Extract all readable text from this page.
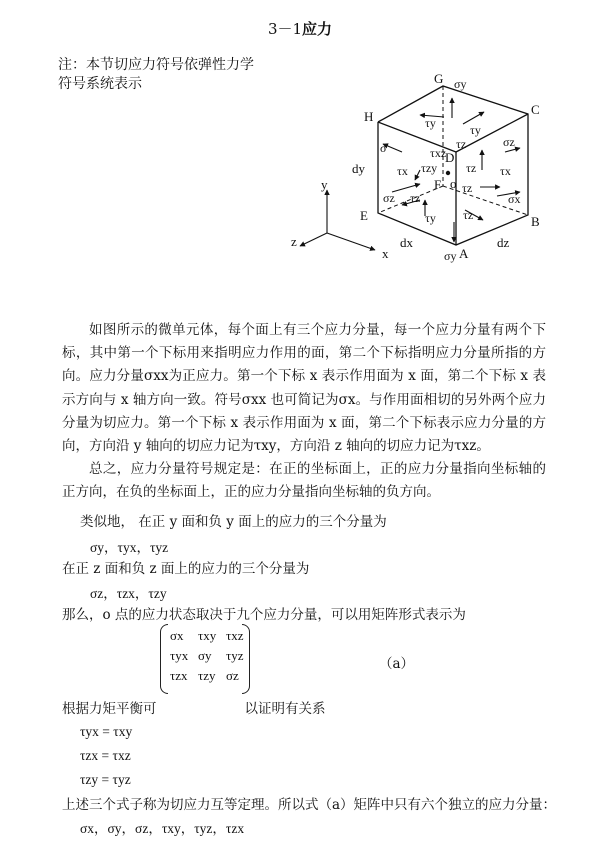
3－1应力
注：本节切应力符号依弹性力学
符号系统表示	G
C
H
E	B
A
D
F o
dy
dx	dz
y
x
z
σy
τy	τy
σ	τxz
τx τzy
σz τz
τy
τz	σz
τz τx
τz
σx
τz
σy
如图所示的微单元体，每个面上有三个应力分量，每一个应力分量有两个下标，其中第一个下标用来指明应力作用的面，第二个下标指明应力分量所指的方向。应力分量σxx为正应力。第一个下标 x 表示作用面为 x 面，第二个下标 x 表示方向与 x 轴方向一致。符号σxx 也可简记为σx。与作用面相切的另外两个应力分量为切应力。第一个下标 x 表示作用面为 x 面，第二个下标表示应力分量的方向，方向沿 y 轴向的切应力记为τxy，方向沿 z 轴向的切应力记为τxz。
总之，应力分量符号规定是：在正的坐标面上，正的应力分量指向坐标轴的正方向，在负的坐标面上，正的应力分量指向坐标轴的负方向。
类似地， 在正 y 面和负 y 面上的应力的三个分量为
σy，τyx，τyz
在正 z 面和负 z 面上的应力的三个分量为
σz，τzx，τzy
那么，o 点的应力状态取决于九个应力分量，可以用矩阵形式表示为
σx	τxy τxz
τyx σy	τyz
τzx τzy σz
（a）
根据力矩平衡可	以证明有关系
τyx = τxy
τzx = τxz
τzy = τyz
上述三个式子称为切应力互等定理。所以式（a）矩阵中只有六个独立的应力分量：
σx，σy，σz，τxy，τyz，τzx
